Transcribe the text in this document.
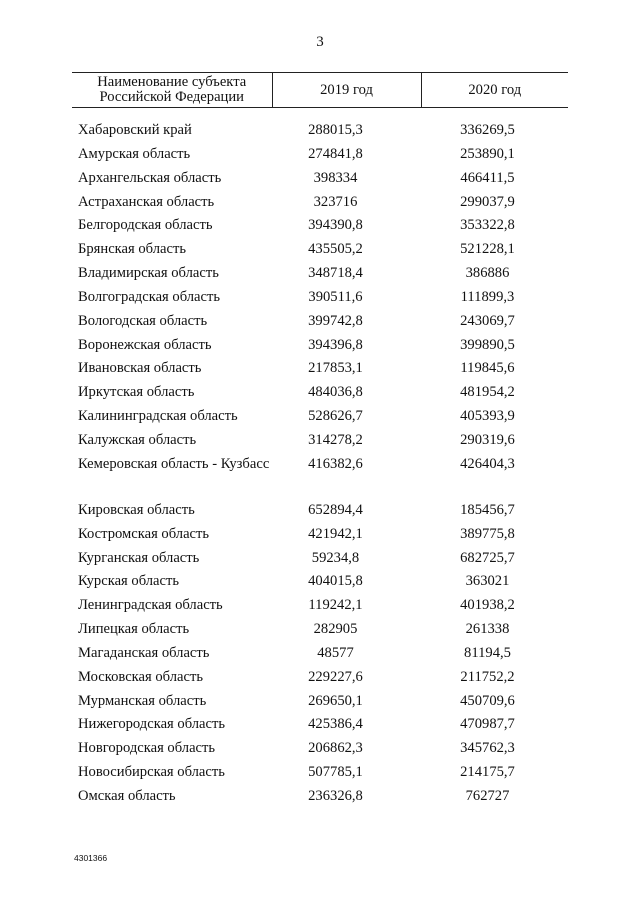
3
Наименование субъекта
Российской Федерации	2019 год	2020 год

Хабаровский край	288015,3	336269,5
Амурская область	274841,8	253890,1
Архангельская область	398334	466411,5
Астраханская область	323716	299037,9
Белгородская область	394390,8	353322,8
Брянская область	435505,2	521228,1
Владимирская область	348718,4	386886
Волгоградская область	390511,6	111899,3
Вологодская область	399742,8	243069,7
Воронежская область	394396,8	399890,5
Ивановская область	217853,1	119845,6
Иркутская область	484036,8	481954,2
Калининградская область	528626,7	405393,9
Калужская область	314278,2	290319,6
Кемеровская область - Кузбасс	416382,6	426404,3
Кировская область	652894,4	185456,7
Костромская область	421942,1	389775,8
Курганская область	59234,8	682725,7
Курская область	404015,8	363021
Ленинградская область	119242,1	401938,2
Липецкая область	282905	261338
Магаданская область	48577	81194,5
Московская область	229227,6	211752,2
Мурманская область	269650,1	450709,6
Нижегородская область	425386,4	470987,7
Новгородская область	206862,3	345762,3
Новосибирская область	507785,1	214175,7
Омская область	236326,8	762727
4301366
